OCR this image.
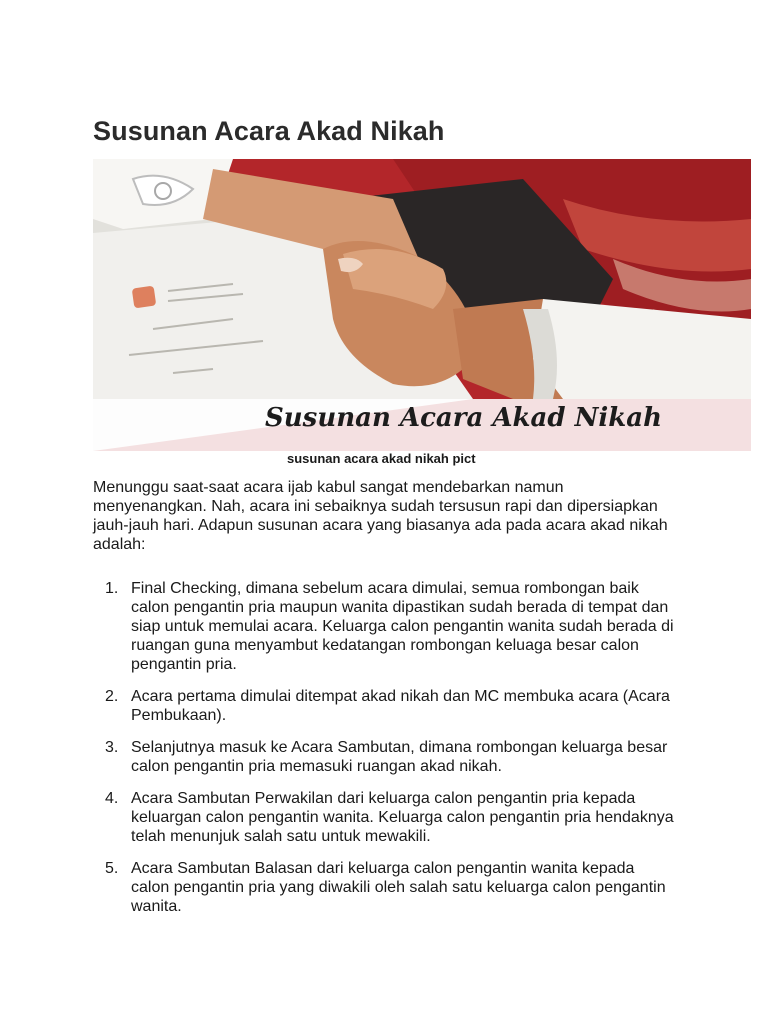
Susunan Acara Akad Nikah

Susunan Acara Akad Nikah

susunan acara akad nikah pict

Menunggu saat-saat acara ijab kabul sangat mendebarkan namun menyenangkan. Nah, acara ini sebaiknya sudah tersusun rapi dan dipersiapkan jauh-jauh hari. Adapun susunan acara yang biasanya ada pada acara akad nikah adalah:

1. Final Checking, dimana sebelum acara dimulai, semua rombongan baik calon pengantin pria maupun wanita dipastikan sudah berada di tempat dan siap untuk memulai acara. Keluarga calon pengantin wanita sudah berada di ruangan guna menyambut kedatangan rombongan keluaga besar calon pengantin pria.
2. Acara pertama dimulai ditempat akad nikah dan MC membuka acara (Acara Pembukaan).
3. Selanjutnya masuk ke Acara Sambutan, dimana rombongan keluarga besar calon pengantin pria memasuki ruangan akad nikah.
4. Acara Sambutan Perwakilan dari keluarga calon pengantin pria kepada keluargan calon pengantin wanita. Keluarga calon pengantin pria hendaknya telah menunjuk salah satu untuk mewakili.
5. Acara Sambutan Balasan dari keluarga calon pengantin wanita kepada calon pengantin pria yang diwakili oleh salah satu keluarga calon pengantin wanita.
